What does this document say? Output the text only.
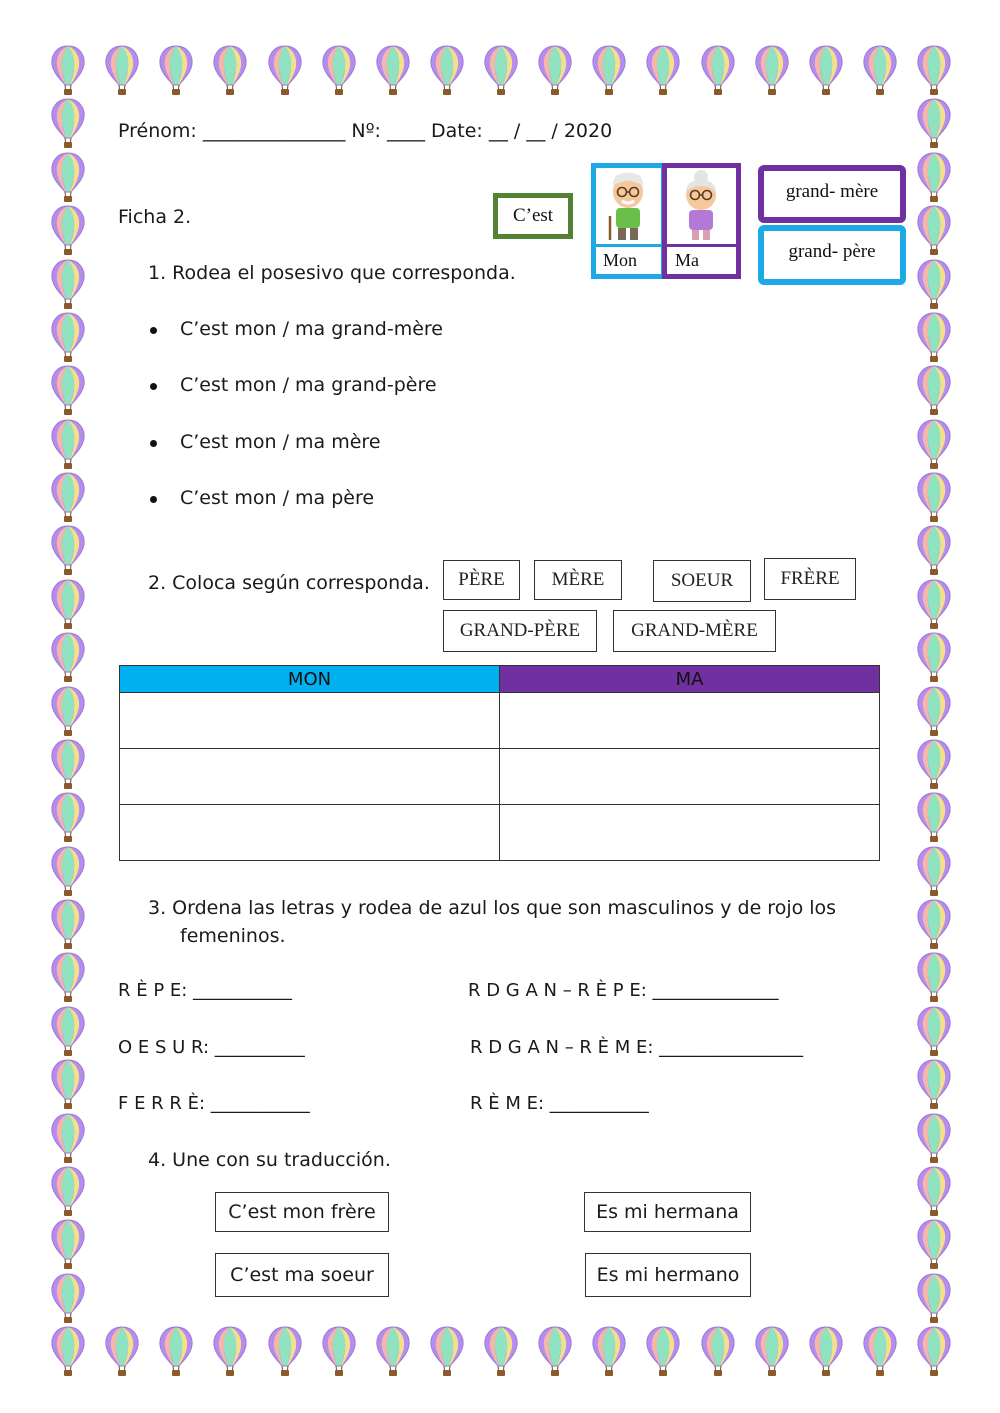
Prénom: _______________ Nº: ____ Date: __ / __ / 2020
Ficha 2.	C’est
Mon	Ma
grand- mère
grand- père
1. Rodea el posesivo que corresponda.
C’est mon / ma grand-mère
C’est mon / ma grand-père
C’est mon / ma mère
C’est mon / ma père
2. Coloca según corresponda.	PÈRE	MÈRE	SOEUR	FRÈRE
GRAND-PÈRE	GRAND-MÈRE
MON	MA

3. Ordena las letras y rodea de azul los que son masculinos y de rojo los
femeninos.
R È P E: ___________
O E S U R: __________
F E R R È: ___________
R D G A N – R È P E: ______________
R D G A N – R È M E: ________________
R È M E: ___________
4. Une con su traducción.
C’est mon frère
C’est ma soeur
Es mi hermana
Es mi hermano
